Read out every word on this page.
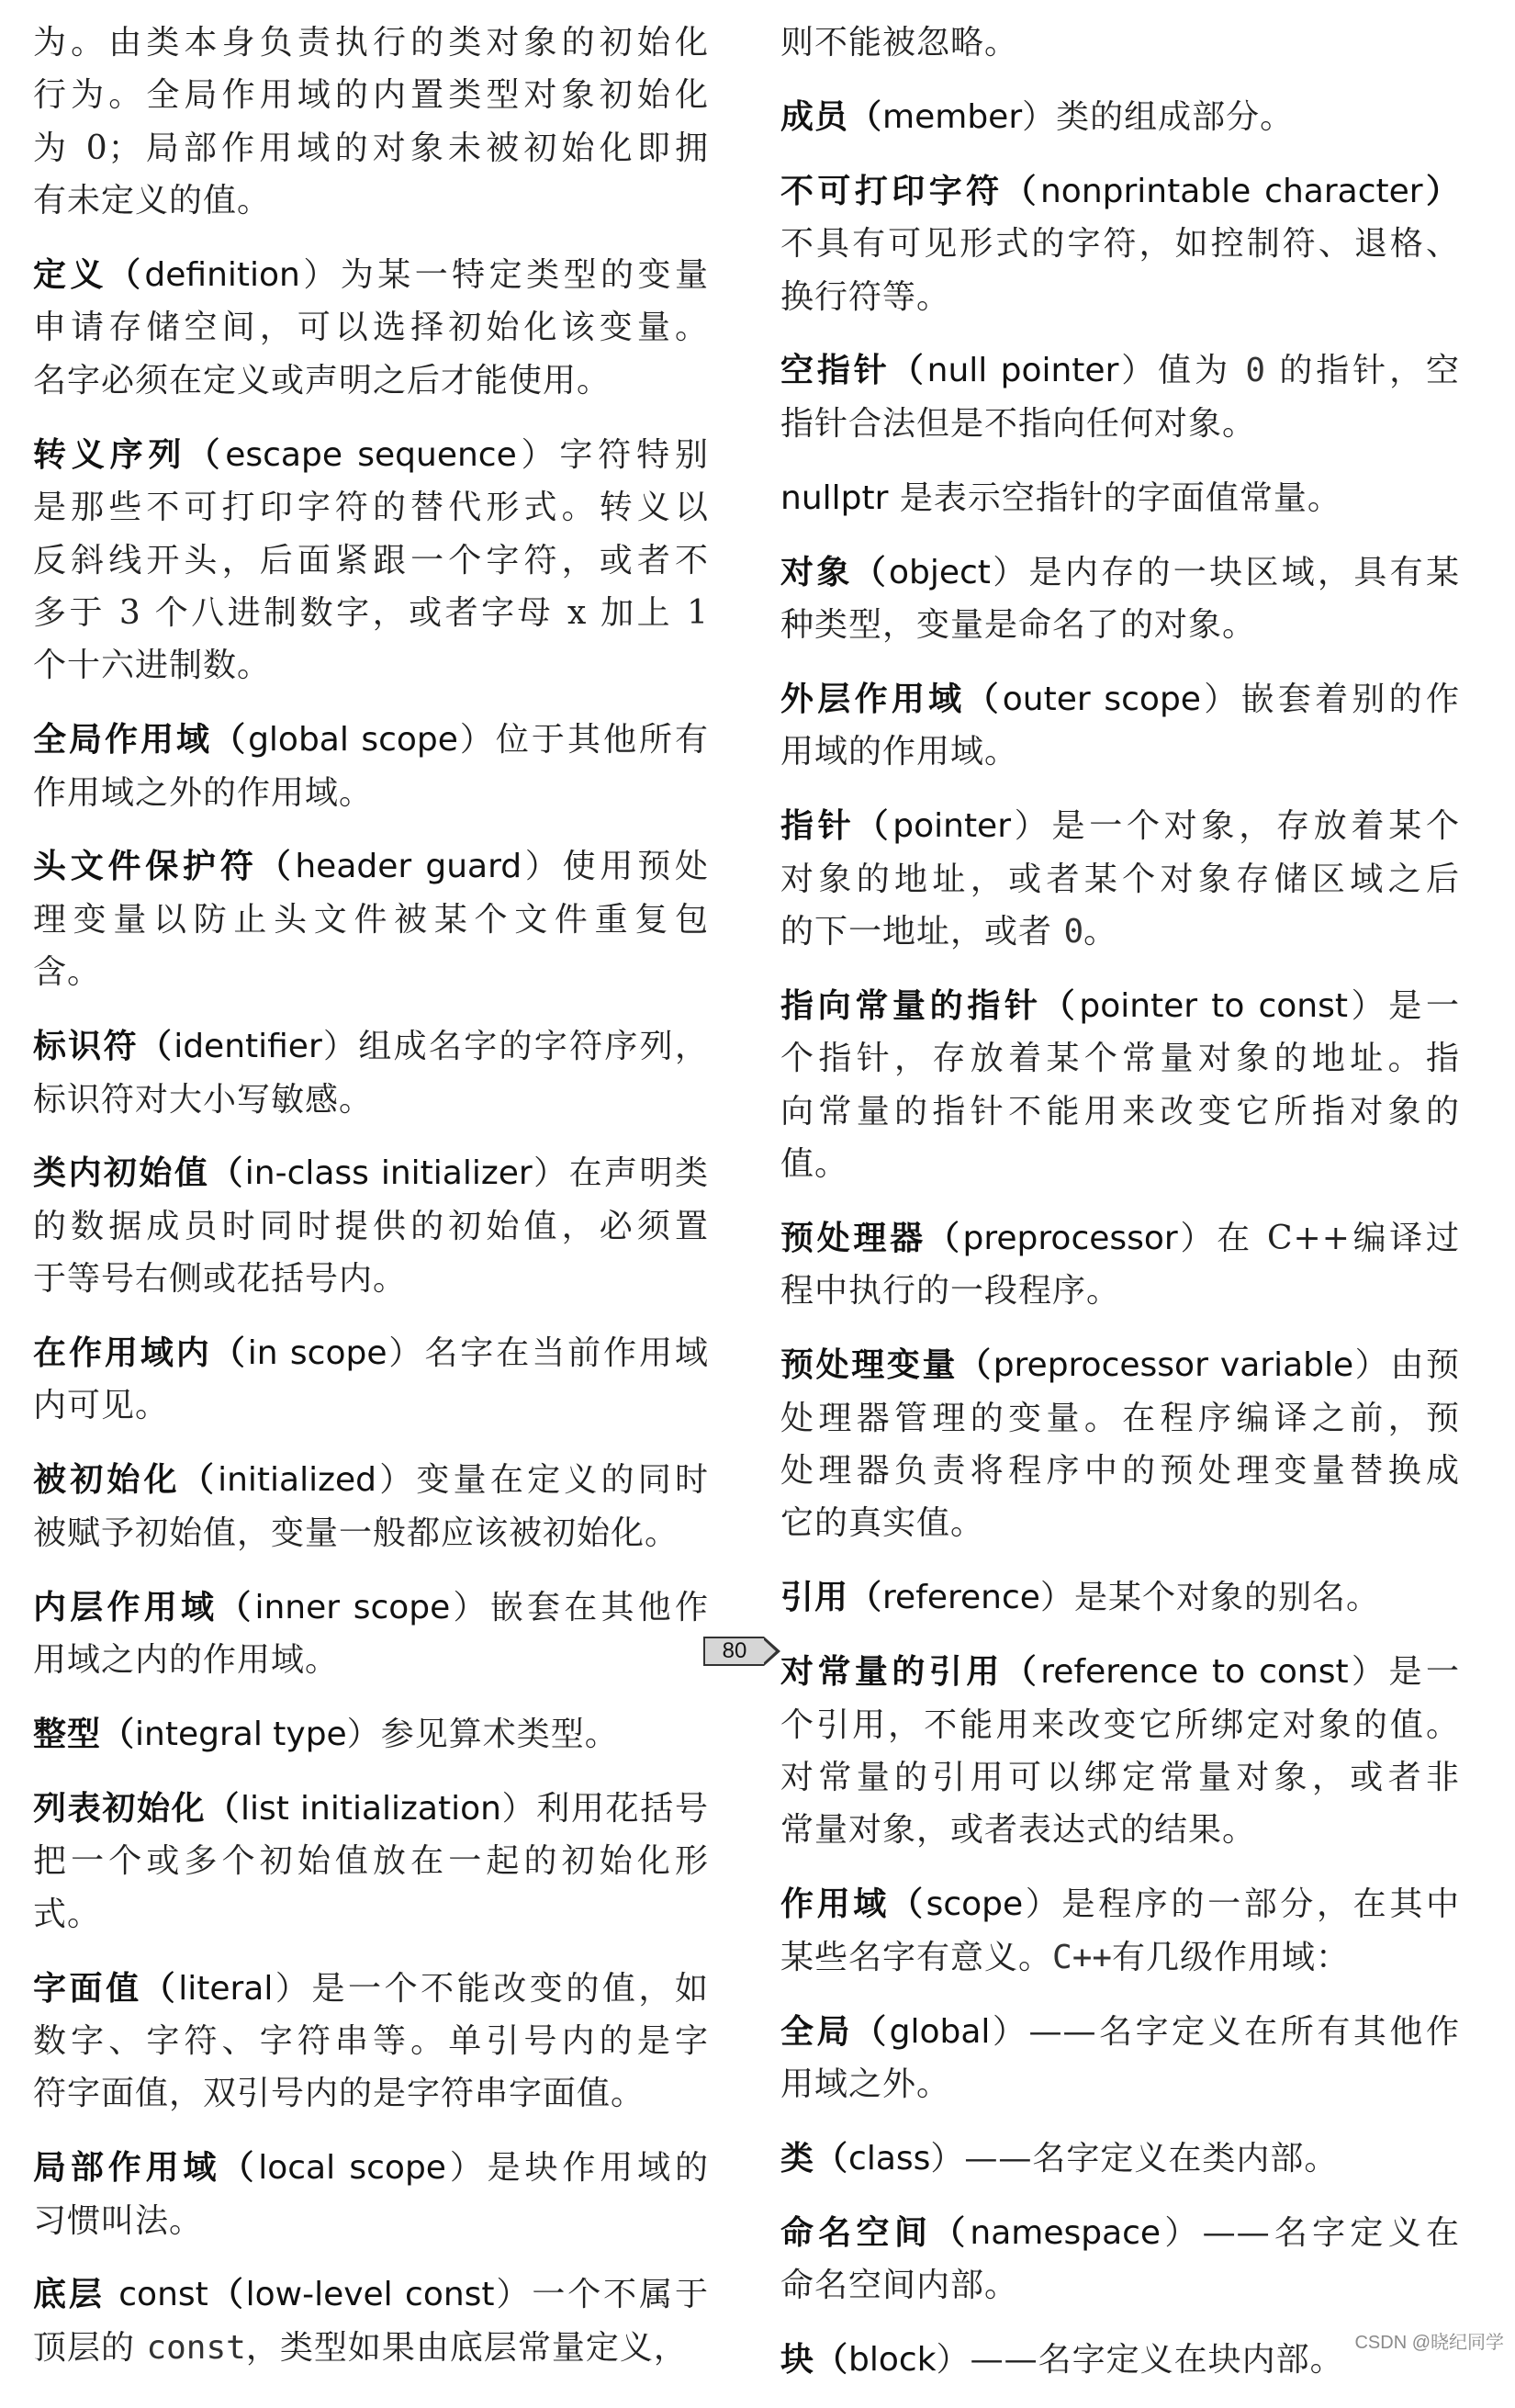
为。由类本身负责执行的类对象的初始化
行为。全局作用域的内置类型对象初始化
为 0；局部作用域的对象未被初始化即拥
有未定义的值。
定义（definition）为某一特定类型的变量
申请存储空间，可以选择初始化该变量。
名字必须在定义或声明之后才能使用。
转义序列（escape sequence）字符特别
是那些不可打印字符的替代形式。转义以
反斜线开头，后面紧跟一个字符，或者不
多于 3 个八进制数字，或者字母 x 加上 1
个十六进制数。
全局作用域（global scope）位于其他所有
作用域之外的作用域。
头文件保护符（header guard）使用预处
理变量以防止头文件被某个文件重复包
含。
标识符（identifier）组成名字的字符序列，
标识符对大小写敏感。
类内初始值（in-class initializer）在声明类
的数据成员时同时提供的初始值，必须置
于等号右侧或花括号内。
在作用域内（in scope）名字在当前作用域
内可见。
被初始化（initialized）变量在定义的同时
被赋予初始值，变量一般都应该被初始化。
内层作用域（inner scope）嵌套在其他作
用域之内的作用域。
整型（integral type）参见算术类型。
列表初始化（list initialization）利用花括号
把一个或多个初始值放在一起的初始化形
式。
字面值（literal）是一个不能改变的值，如
数字、字符、字符串等。单引号内的是字
符字面值，双引号内的是字符串字面值。
局部作用域（local scope）是块作用域的
习惯叫法。
底层 const（low-level const）一个不属于
顶层的 const，类型如果由底层常量定义，
则不能被忽略。
成员（member）类的组成部分。
不可打印字符（nonprintable character）
不具有可见形式的字符，如控制符、退格、
换行符等。
空指针（null pointer）值为 0 的指针，空
指针合法但是不指向任何对象。
nullptr 是表示空指针的字面值常量。
对象（object）是内存的一块区域，具有某
种类型，变量是命名了的对象。
外层作用域（outer scope）嵌套着别的作
用域的作用域。
指针（pointer）是一个对象，存放着某个
对象的地址，或者某个对象存储区域之后
的下一地址，或者 0。
指向常量的指针（pointer to const）是一
个指针，存放着某个常量对象的地址。指
向常量的指针不能用来改变它所指对象的
值。
预处理器（preprocessor）在 C++编译过
程中执行的一段程序。
预处理变量（preprocessor variable）由预
处理器管理的变量。在程序编译之前，预
处理器负责将程序中的预处理变量替换成
它的真实值。
引用（reference）是某个对象的别名。
对常量的引用（reference to const）是一
个引用，不能用来改变它所绑定对象的值。
对常量的引用可以绑定常量对象，或者非
常量对象，或者表达式的结果。
作用域（scope）是程序的一部分，在其中
某些名字有意义。C++有几级作用域：
全局（global）——名字定义在所有其他作
用域之外。
类（class）——名字定义在类内部。
命名空间（namespace）——名字定义在
命名空间内部。
块（block）——名字定义在块内部。
80
CSDN @晓纪同学
